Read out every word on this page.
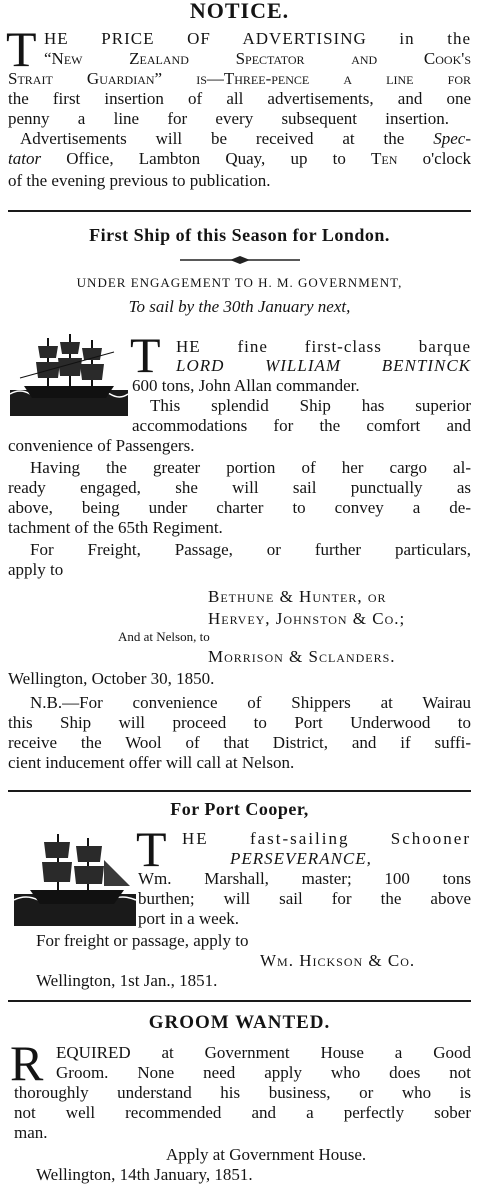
NOTICE.
T HE PRICE OF ADVERTISING in the
“New Zealand Spectator and Cook's
Strait Guardian” is—Three-pence a line for
the first insertion of all advertisements, and one
penny a line for every subsequent insertion.
Advertisements will be received at the Spec-
tator Office, Lambton Quay, up to Ten o'clock
of the evening previous to publication.
First Ship of this Season for London.
UNDER ENGAGEMENT TO H. M. GOVERNMENT,
To sail by the 30th January next,
T HE fine first-class barque
LORD WILLIAM BENTINCK
600 tons, John Allan commander.
This splendid Ship has superior
accommodations for the comfort and
convenience of Passengers.
Having the greater portion of her cargo al-
ready engaged, she will sail punctually as
above, being under charter to convey a de-
tachment of the 65th Regiment.
For Freight, Passage, or further particulars,
apply to
Bethune & Hunter, or
Hervey, Johnston & Co.;
And at Nelson, to
Morrison & Sclanders.
Wellington, October 30, 1850.
N.B.—For convenience of Shippers at Wairau
this Ship will proceed to Port Underwood to
receive the Wool of that District, and if suffi-
cient inducement offer will call at Nelson.
For Port Cooper,
T HE fast-sailing Schooner
PERSEVERANCE,
Wm. Marshall, master; 100 tons
burthen; will sail for the above
port in a week.
For freight or passage, apply to
Wm. Hickson & Co.
Wellington, 1st Jan., 1851.
GROOM WANTED.
R EQUIRED at Government House a Good
Groom. None need apply who does not
thoroughly understand his business, or who is
not well recommended and a perfectly sober
man.
Apply at Government House.
Wellington, 14th January, 1851.
